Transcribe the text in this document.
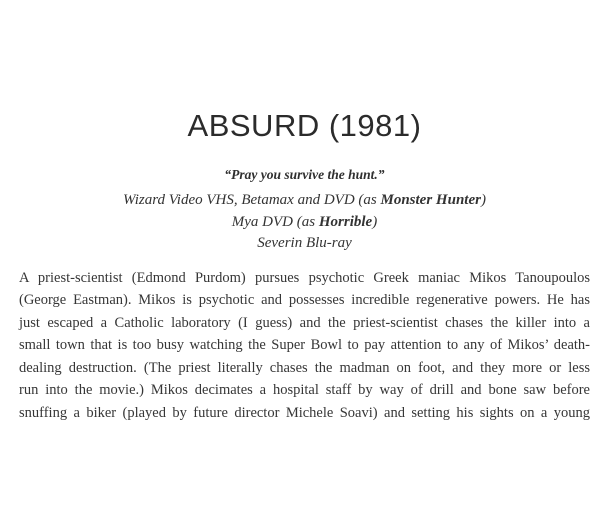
ABSURD (1981)
“Pray you survive the hunt.”
Wizard Video VHS, Betamax and DVD (as Monster Hunter)
Mya DVD (as Horrible)
Severin Blu-ray
A priest-scientist (Edmond Purdom) pursues psychotic Greek maniac Mikos Tanoupoulos
(George Eastman). Mikos is psychotic and possesses incredible regenerative powers. He has
just escaped a Catholic laboratory (I guess) and the priest-scientist chases the killer into a
small town that is too busy watching the Super Bowl to pay attention to any of Mikos’ death-
dealing destruction. (The priest literally chases the madman on foot, and they more or less
run into the movie.) Mikos decimates a hospital staff by way of drill and bone saw before
snuffing a biker (played by future director Michele Soavi) and setting his sights on a young
